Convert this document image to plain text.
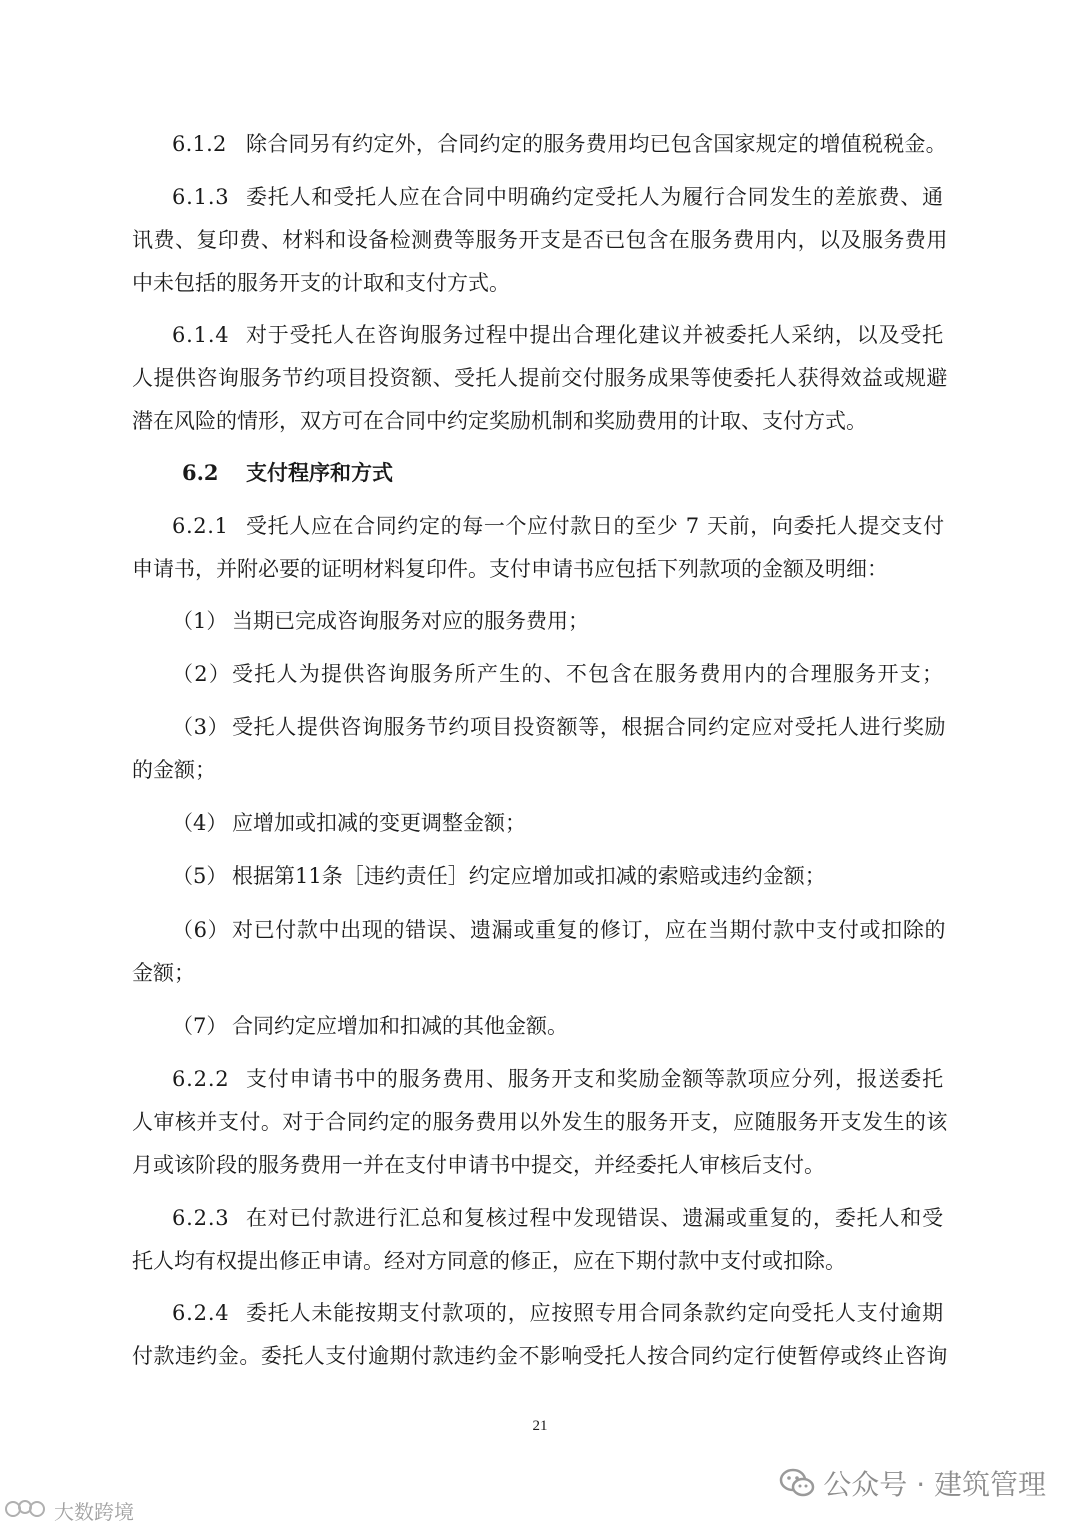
6.1.2 除合同另有约定外，合同约定的服务费用均已包含国家规定的增值税税金。
6.1.3 委托人和受托人应在合同中明确约定受托人为履行合同发生的差旅费、通
讯费、复印费、材料和设备检测费等服务开支是否已包含在服务费用内，以及服务费用
中未包括的服务开支的计取和支付方式。
6.1.4 对于受托人在咨询服务过程中提出合理化建议并被委托人采纳，以及受托
人提供咨询服务节约项目投资额、受托人提前交付服务成果等使委托人获得效益或规避
潜在风险的情形，双方可在合同中约定奖励机制和奖励费用的计取、支付方式。
6.2 支付程序和方式
6.2.1 受托人应在合同约定的每一个应付款日的至少 7 天前，向委托人提交支付
申请书，并附必要的证明材料复印件。支付申请书应包括下列款项的金额及明细：
（1） 当期已完成咨询服务对应的服务费用；
（2）受托人为提供咨询服务所产生的、不包含在服务费用内的合理服务开支；
（3） 受托人提供咨询服务节约项目投资额等，根据合同约定应对受托人进行奖励
的金额；
（4） 应增加或扣减的变更调整金额；
（5） 根据第11条［违约责任］约定应增加或扣减的索赔或违约金额；
（6） 对已付款中出现的错误、遗漏或重复的修订，应在当期付款中支付或扣除的
金额；
（7） 合同约定应增加和扣减的其他金额。
6.2.2 支付申请书中的服务费用、服务开支和奖励金额等款项应分列，报送委托
人审核并支付。对于合同约定的服务费用以外发生的服务开支，应随服务开支发生的该
月或该阶段的服务费用一并在支付申请书中提交，并经委托人审核后支付。
6.2.3 在对已付款进行汇总和复核过程中发现错误、遗漏或重复的，委托人和受
托人均有权提出修正申请。经对方同意的修正，应在下期付款中支付或扣除。
6.2.4 委托人未能按期支付款项的，应按照专用合同条款约定向受托人支付逾期
付款违约金。委托人支付逾期付款违约金不影响受托人按合同约定行使暂停或终止咨询
21
公众号 · 建筑管理
大数跨境
